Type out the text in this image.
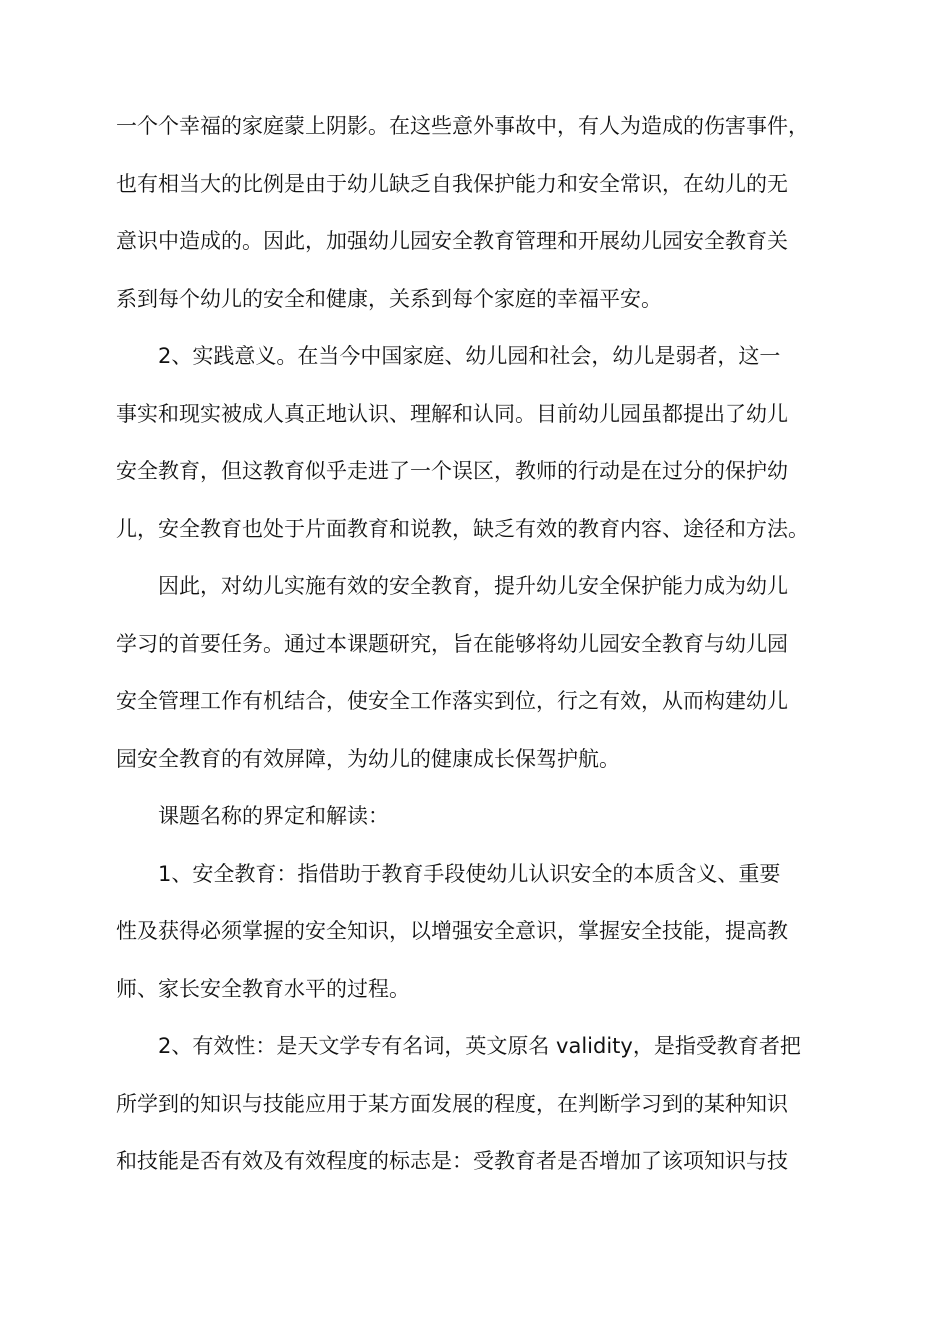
一个个幸福的家庭蒙上阴影。在这些意外事故中，有人为造成的伤害事件，
也有相当大的比例是由于幼儿缺乏自我保护能力和安全常识，在幼儿的无
意识中造成的。因此，加强幼儿园安全教育管理和开展幼儿园安全教育关
系到每个幼儿的安全和健康，关系到每个家庭的幸福平安。
2、实践意义。在当今中国家庭、幼儿园和社会，幼儿是弱者，这一
事实和现实被成人真正地认识、理解和认同。目前幼儿园虽都提出了幼儿
安全教育，但这教育似乎走进了一个误区，教师的行动是在过分的保护幼
儿，安全教育也处于片面教育和说教，缺乏有效的教育内容、途径和方法。
因此，对幼儿实施有效的安全教育，提升幼儿安全保护能力成为幼儿
学习的首要任务。通过本课题研究，旨在能够将幼儿园安全教育与幼儿园
安全管理工作有机结合，使安全工作落实到位，行之有效，从而构建幼儿
园安全教育的有效屏障，为幼儿的健康成长保驾护航。
课题名称的界定和解读：
1、安全教育：指借助于教育手段使幼儿认识安全的本质含义、重要
性及获得必须掌握的安全知识，以增强安全意识，掌握安全技能，提高教
师、家长安全教育水平的过程。
2、有效性：是天文学专有名词，英文原名 validity，是指受教育者把
所学到的知识与技能应用于某方面发展的程度，在判断学习到的某种知识
和技能是否有效及有效程度的标志是：受教育者是否增加了该项知识与技
